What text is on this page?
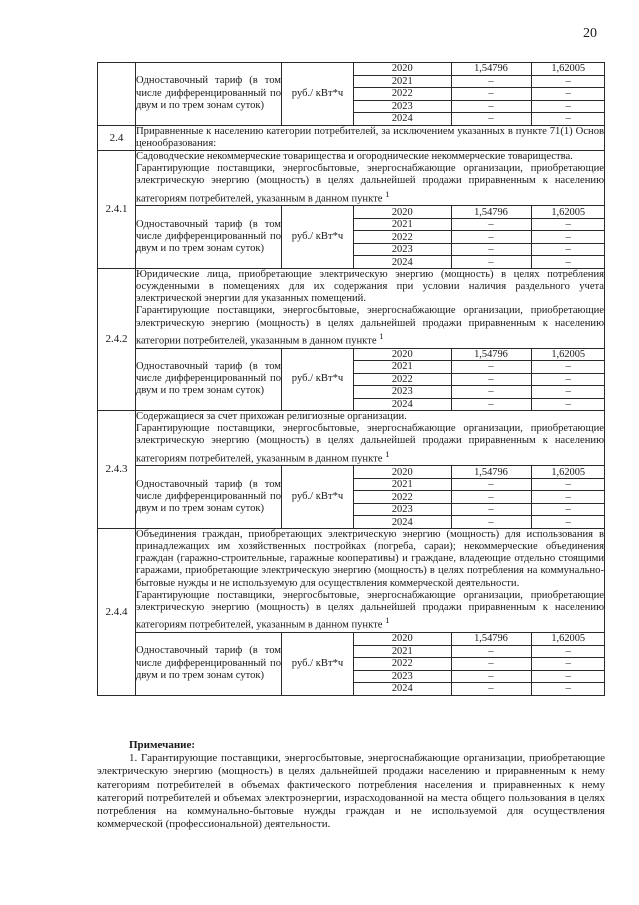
20
	Одноставочный тариф (в том числе дифференцированный по двум и по трем зонам суток)	руб./ кВт*ч	
2020	1,54796	1,62005
2021	–	–
2022	–	–
2023	–	–
2024	–	–

2.4	

Приравненные к населению категории потребителей, за исключением указанных в пункте 71(1) Основ ценообразования:

2.4.1	

Садоводческие некоммерческие товарищества и огороднические некоммерческие товарищества.

Гарантирующие поставщики, энергосбытовые, энергоснабжающие организации, приобретающие электрическую энергию (мощность) в целях дальнейшей продажи приравненным к населению категориям потребителей, указанным в данном пункте $^1$

Одноставочный тариф (в том числе дифференцированный по двум и по трем зонам суток)	руб./ кВт*ч	
2020	1,54796	1,62005
2021	–	–
2022	–	–
2023	–	–
2024	–	–

2.4.2	

Юридические лица, приобретающие электрическую энергию (мощность) в целях потребления осужденными в помещениях для их содержания при условии наличия раздельного учета электрической энергии для указанных помещений.

Гарантирующие поставщики, энергосбытовые, энергоснабжающие организации, приобретающие электрическую энергию (мощность) в целях дальнейшей продажи приравненным к населению категории потребителей, указанным в данном пункте $^1$

Одноставочный тариф (в том числе дифференцированный по двум и по трем зонам суток)	руб./ кВт*ч	
2020	1,54796	1,62005
2021	–	–
2022	–	–
2023	–	–
2024	–	–

2.4.3	

Содержащиеся за счет прихожан религиозные организации.

Гарантирующие поставщики, энергосбытовые, энергоснабжающие организации, приобретающие электрическую энергию (мощность) в целях дальнейшей продажи приравненным к населению категориям потребителей, указанным в данном пункте $^1$

Одноставочный тариф (в том числе дифференцированный по двум и по трем зонам суток)	руб./ кВт*ч	
2020	1,54796	1,62005
2021	–	–
2022	–	–
2023	–	–
2024	–	–

2.4.4	

Объединения граждан, приобретающих электрическую энергию (мощность) для использования в принадлежащих им хозяйственных постройках (погреба, сараи); некоммерческие объединения граждан (гаражно-строительные, гаражные кооперативы) и граждане, владеющие отдельно стоящими гаражами, приобретающие электрическую энергию (мощность) в целях потребления на коммунально-бытовые нужды и не используемую для осуществления коммерческой деятельности.

Гарантирующие поставщики, энергосбытовые, энергоснабжающие организации, приобретающие электрическую энергию (мощность) в целях дальнейшей продажи приравненным к населению категориям потребителей, указанным в данном пункте $^1$

Одноставочный тариф (в том числе дифференцированный по двум и по трем зонам суток)	руб./ кВт*ч	
2020	1,54796	1,62005
2021	–	–
2022	–	–
2023	–	–
2024	–	–
Примечание:

1. Гарантирующие поставщики, энергосбытовые, энергоснабжающие организации, приобретающие электрическую энергию (мощность) в целях дальнейшей продажи населению и приравненным к нему категориям потребителей в объемах фактического потребления населения и приравненных к нему категорий потребителей и объемах электроэнергии, израсходованной на места общего пользования в целях потребления на коммунально-бытовые нужды граждан и не используемой для осуществления коммерческой (профессиональной) деятельности.
